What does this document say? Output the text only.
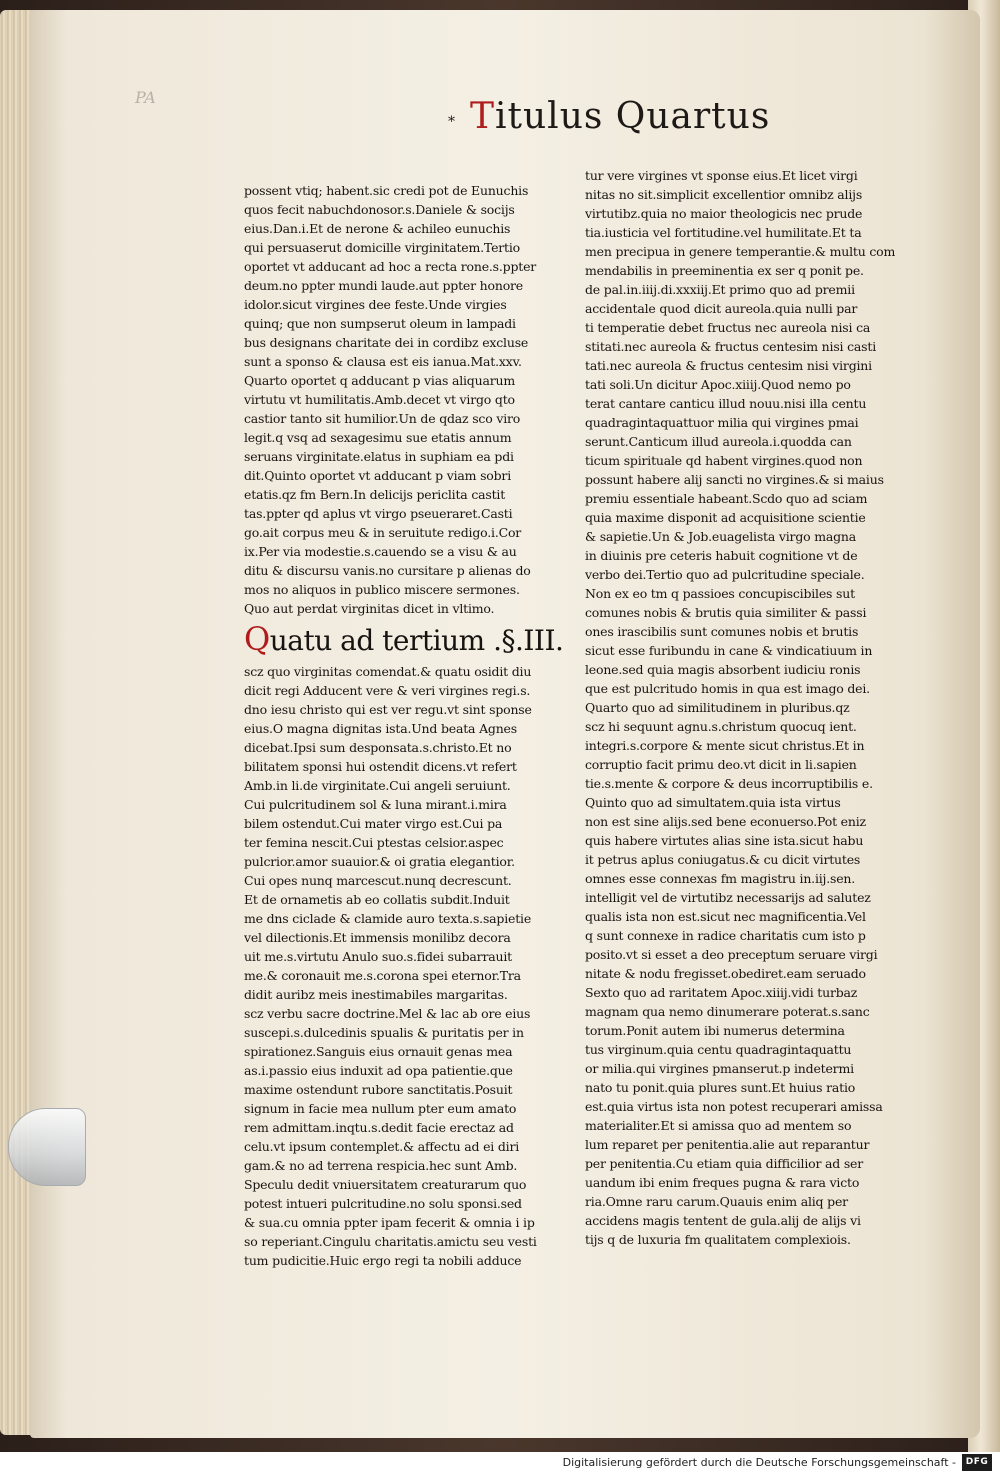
PA
* Titulus Quartus
possent vtiq; habent.sic credi pot de Eunuchis
quos fecit nabuchdonosor.s.Daniele & socijs
eius.Dan.i.Et de nerone & achileo eunuchis
qui persuaserut domicille virginitatem.Tertio
oportet vt adducant ad hoc a recta rone.s.ppter
deum.no ppter mundi laude.aut ppter honore
idolor.sicut virgines dee feste.Unde virgies
quinq; que non sumpserut oleum in lampadi
bus designans charitate dei in cordibz excluse
sunt a sponso & clausa est eis ianua.Mat.xxv.
Quarto oportet q adducant p vias aliquarum
virtutu vt humilitatis.Amb.decet vt virgo qto
castior tanto sit humilior.Un de qdaz sco viro
legit.q vsq ad sexagesimu sue etatis annum
seruans virginitate.elatus in suphiam ea pdi
dit.Quinto oportet vt adducant p viam sobri
etatis.qz fm Bern.In delicijs periclita castit
tas.ppter qd aplus vt virgo pseueraret.Casti
go.ait corpus meu & in seruitute redigo.i.Cor
ix.Per via modestie.s.cauendo se a visu & au
ditu & discursu vanis.no cursitare p alienas do
mos no aliquos in publico miscere sermones.
Quo aut perdat virginitas dicet in vltimo.
Quatu ad tertium .§.III.
scz quo virginitas comendat.& quatu osidit diu
dicit regi Adducent vere & veri virgines regi.s.
dno iesu christo qui est ver regu.vt sint sponse
eius.O magna dignitas ista.Und beata Agnes
dicebat.Ipsi sum desponsata.s.christo.Et no
bilitatem sponsi hui ostendit dicens.vt refert
Amb.in li.de virginitate.Cui angeli seruiunt.
Cui pulcritudinem sol & luna mirant.i.mira
bilem ostendut.Cui mater virgo est.Cui pa
ter femina nescit.Cui ptestas celsior.aspec
pulcrior.amor suauior.& oi gratia elegantior.
Cui opes nunq marcescut.nunq decrescunt.
Et de ornametis ab eo collatis subdit.Induit
me dns ciclade & clamide auro texta.s.sapietie
vel dilectionis.Et immensis monilibz decora
uit me.s.virtutu Anulo suo.s.fidei subarrauit
me.& coronauit me.s.corona spei eternor.Tra
didit auribz meis inestimabiles margaritas.
scz verbu sacre doctrine.Mel & lac ab ore eius
suscepi.s.dulcedinis spualis & puritatis per in
spirationez.Sanguis eius ornauit genas mea
as.i.passio eius induxit ad opa patientie.que
maxime ostendunt rubore sanctitatis.Posuit
signum in facie mea nullum pter eum amato
rem admittam.inqtu.s.dedit facie erectaz ad
celu.vt ipsum contemplet.& affectu ad ei diri
gam.& no ad terrena respicia.hec sunt Amb.
Speculu dedit vniuersitatem creaturarum quo
potest intueri pulcritudine.no solu sponsi.sed
& sua.cu omnia ppter ipam fecerit & omnia i ip
so reperiant.Cingulu charitatis.amictu seu vesti
tum pudicitie.Huic ergo regi ta nobili adduce
tur vere virgines vt sponse eius.Et licet virgi
nitas no sit.simplicit excellentior omnibz alijs
virtutibz.quia no maior theologicis nec prude
tia.iusticia vel fortitudine.vel humilitate.Et ta
men precipua in genere temperantie.& multu com
mendabilis in preeminentia ex ser q ponit pe.
de pal.in.iiij.di.xxxiij.Et primo quo ad premii
accidentale quod dicit aureola.quia nulli par
ti temperatie debet fructus nec aureola nisi ca
stitati.nec aureola & fructus centesim nisi casti
tati.nec aureola & fructus centesim nisi virgini
tati soli.Un dicitur Apoc.xiiij.Quod nemo po
terat cantare canticu illud nouu.nisi illa centu
quadragintaquattuor milia qui virgines pmai
serunt.Canticum illud aureola.i.quodda can
ticum spirituale qd habent virgines.quod non
possunt habere alij sancti no virgines.& si maius
premiu essentiale habeant.Scdo quo ad sciam
quia maxime disponit ad acquisitione scientie
& sapietie.Un & Job.euagelista virgo magna
in diuinis pre ceteris habuit cognitione vt de
verbo dei.Tertio quo ad pulcritudine speciale.
Non ex eo tm q passioes concupiscibiles sut
comunes nobis & brutis quia similiter & passi
ones irascibilis sunt comunes nobis et brutis
sicut esse furibundu in cane & vindicatiuum in
leone.sed quia magis absorbent iudiciu ronis
que est pulcritudo homis in qua est imago dei.
Quarto quo ad similitudinem in pluribus.qz
scz hi sequunt agnu.s.christum quocuq ient.
integri.s.corpore & mente sicut christus.Et in
corruptio facit primu deo.vt dicit in li.sapien
tie.s.mente & corpore & deus incorruptibilis e.
Quinto quo ad simultatem.quia ista virtus
non est sine alijs.sed bene econuerso.Pot eniz
quis habere virtutes alias sine ista.sicut habu
it petrus aplus coniugatus.& cu dicit virtutes
omnes esse connexas fm magistru in.iij.sen.
intelligit vel de virtutibz necessarijs ad salutez
qualis ista non est.sicut nec magnificentia.Vel
q sunt connexe in radice charitatis cum isto p
posito.vt si esset a deo preceptum seruare virgi
nitate & nodu fregisset.obediret.eam seruado
Sexto quo ad raritatem Apoc.xiiij.vidi turbaz
magnam qua nemo dinumerare poterat.s.sanc
torum.Ponit autem ibi numerus determina
tus virginum.quia centu quadragintaquattu
or milia.qui virgines pmanserut.p indetermi
nato tu ponit.quia plures sunt.Et huius ratio
est.quia virtus ista non potest recuperari amissa
materialiter.Et si amissa quo ad mentem so
lum reparet per penitentia.alie aut reparantur
per penitentia.Cu etiam quia difficilior ad ser
uandum ibi enim freques pugna & rara victo
ria.Omne raru carum.Quauis enim aliq per
accidens magis tentent de gula.alij de alijs vi
tijs q de luxuria fm qualitatem complexiois.
Digitalisierung gefördert durch die Deutsche Forschungsgemeinschaft -	DFG
